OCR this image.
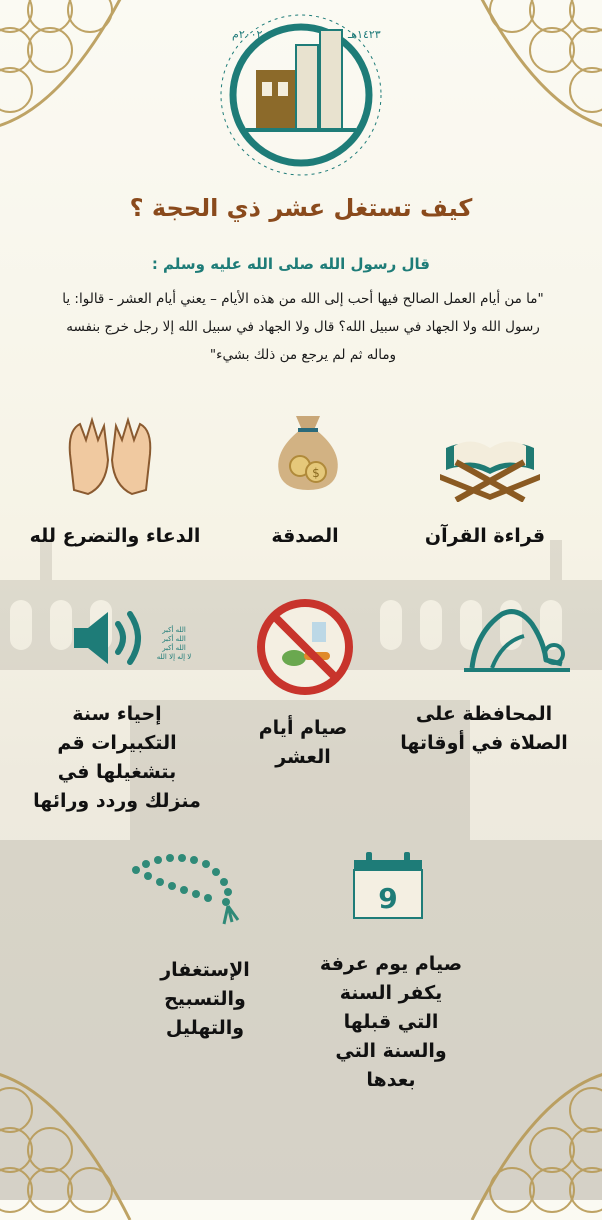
١٤٢٣هـ
٢٠٠٢م
كيف تستغل عشر ذي الحجة ؟

قال رسول الله صلى الله عليه وسلم :

"ما من أيام العمل الصالح فيها أحب إلى الله من هذه الأيام – يعني أيام العشر - قالوا: يا
رسول الله ولا الجهاد في سبيل الله؟ قال ولا الجهاد في سبيل الله إلا رجل خرج بنفسه
وماله ثم لم يرجع من ذلك بشيء"

$
قراءة القرآن
الصدقة
الدعاء والتضرع لله
الله أكبر
الله أكبر
الله أكبر
لا إله إلا الله
المحافظة على
الصلاة في أوقاتها
صيام أيام
العشر
إحياء سنة
التكبيرات قم
بتشغيلها في
منزلك وردد ورائها
9
صيام يوم عرفة
يكفر السنة
التي قبلها
والسنة التي
بعدها
الإستغفار
والتسبيح
والتهليل
